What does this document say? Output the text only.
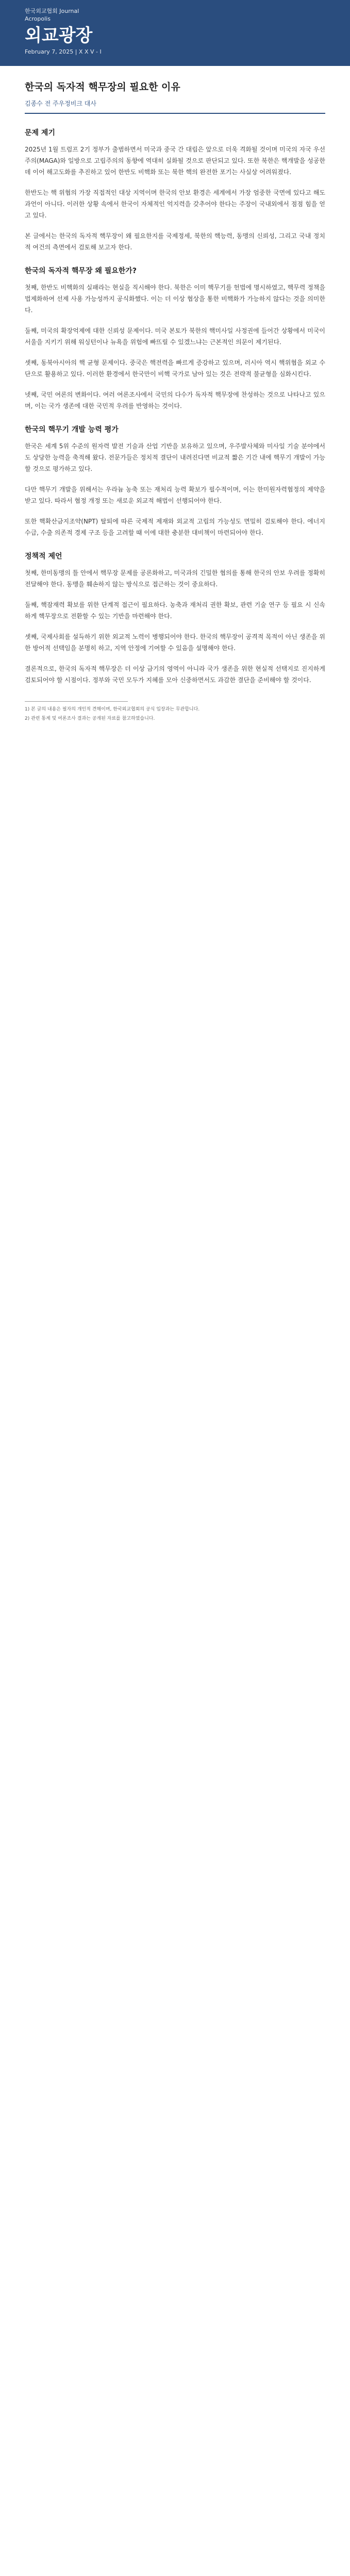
한국외교협회 Journal
Acropolis
외교광장
February 7, 2025 | X X V - I
한국의 독자적 핵무장의 필요한 이유
김종수 전 주우정비크 대사
문제 제기

2025년 1월 트럼프 2기 정부가 출범하면서 미국과 중국 간 대립은 앞으로 더욱 격화될 것이며 미국의 자국 우선주의(MAGA)와 일방으로 고립주의의 동향에 역대히 실화될 것으로 판단되고 있다. 또한 북한은 핵개발을 성공한 데 이어 해고도화를 추진하고 있어 한반도 비핵화 또는 북한 핵의 완전한 포기는 사실상 어려워졌다.

한반도는 핵 위협의 가장 직접적인 대상 지역이며 한국의 안보 환경은 세계에서 가장 엄중한 국면에 있다고 해도 과언이 아니다. 이러한 상황 속에서 한국이 자체적인 억지력을 갖추어야 한다는 주장이 국내외에서 점점 힘을 얻고 있다.

본 글에서는 한국의 독자적 핵무장이 왜 필요한지를 국제정세, 북한의 핵능력, 동맹의 신뢰성, 그리고 국내 정치적 여건의 측면에서 검토해 보고자 한다.

한국의 독자적 핵무장 왜 필요한가?

첫째, 한반도 비핵화의 실패라는 현실을 직시해야 한다. 북한은 이미 핵무기를 헌법에 명시하였고, 핵무력 정책을 법제화하여 선제 사용 가능성까지 공식화했다. 이는 더 이상 협상을 통한 비핵화가 가능하지 않다는 것을 의미한다.

둘째, 미국의 확장억제에 대한 신뢰성 문제이다. 미국 본토가 북한의 핵미사일 사정권에 들어간 상황에서 미국이 서울을 지키기 위해 워싱턴이나 뉴욕을 위험에 빠뜨릴 수 있겠느냐는 근본적인 의문이 제기된다.

셋째, 동북아시아의 핵 균형 문제이다. 중국은 핵전력을 빠르게 증강하고 있으며, 러시아 역시 핵위협을 외교 수단으로 활용하고 있다. 이러한 환경에서 한국만이 비핵 국가로 남아 있는 것은 전략적 불균형을 심화시킨다.

넷째, 국민 여론의 변화이다. 여러 여론조사에서 국민의 다수가 독자적 핵무장에 찬성하는 것으로 나타나고 있으며, 이는 국가 생존에 대한 국민적 우려를 반영하는 것이다.

한국의 핵무기 개발 능력 평가

한국은 세계 5위 수준의 원자력 발전 기술과 산업 기반을 보유하고 있으며, 우주발사체와 미사일 기술 분야에서도 상당한 능력을 축적해 왔다. 전문가들은 정치적 결단이 내려진다면 비교적 짧은 기간 내에 핵무기 개발이 가능할 것으로 평가하고 있다.

다만 핵무기 개발을 위해서는 우라늄 농축 또는 재처리 능력 확보가 필수적이며, 이는 한미원자력협정의 제약을 받고 있다. 따라서 협정 개정 또는 새로운 외교적 해법이 선행되어야 한다.

또한 핵확산금지조약(NPT) 탈퇴에 따른 국제적 제재와 외교적 고립의 가능성도 면밀히 검토해야 한다. 에너지 수급, 수출 의존적 경제 구조 등을 고려할 때 이에 대한 충분한 대비책이 마련되어야 한다.

정책적 제언

첫째, 한미동맹의 틀 안에서 핵무장 문제를 공론화하고, 미국과의 긴밀한 협의를 통해 한국의 안보 우려를 정확히 전달해야 한다. 동맹을 훼손하지 않는 방식으로 접근하는 것이 중요하다.

둘째, 핵잠재력 확보를 위한 단계적 접근이 필요하다. 농축과 재처리 권한 확보, 관련 기술 연구 등 필요 시 신속하게 핵무장으로 전환할 수 있는 기반을 마련해야 한다.

셋째, 국제사회를 설득하기 위한 외교적 노력이 병행되어야 한다. 한국의 핵무장이 공격적 목적이 아닌 생존을 위한 방어적 선택임을 분명히 하고, 지역 안정에 기여할 수 있음을 설명해야 한다.

결론적으로, 한국의 독자적 핵무장은 더 이상 금기의 영역이 아니라 국가 생존을 위한 현실적 선택지로 진지하게 검토되어야 할 시점이다. 정부와 국민 모두가 지혜를 모아 신중하면서도 과감한 결단을 준비해야 할 것이다.

1) 본 글의 내용은 필자의 개인적 견해이며, 한국외교협회의 공식 입장과는 무관합니다.

2) 관련 통계 및 여론조사 결과는 공개된 자료를 참고하였습니다.
